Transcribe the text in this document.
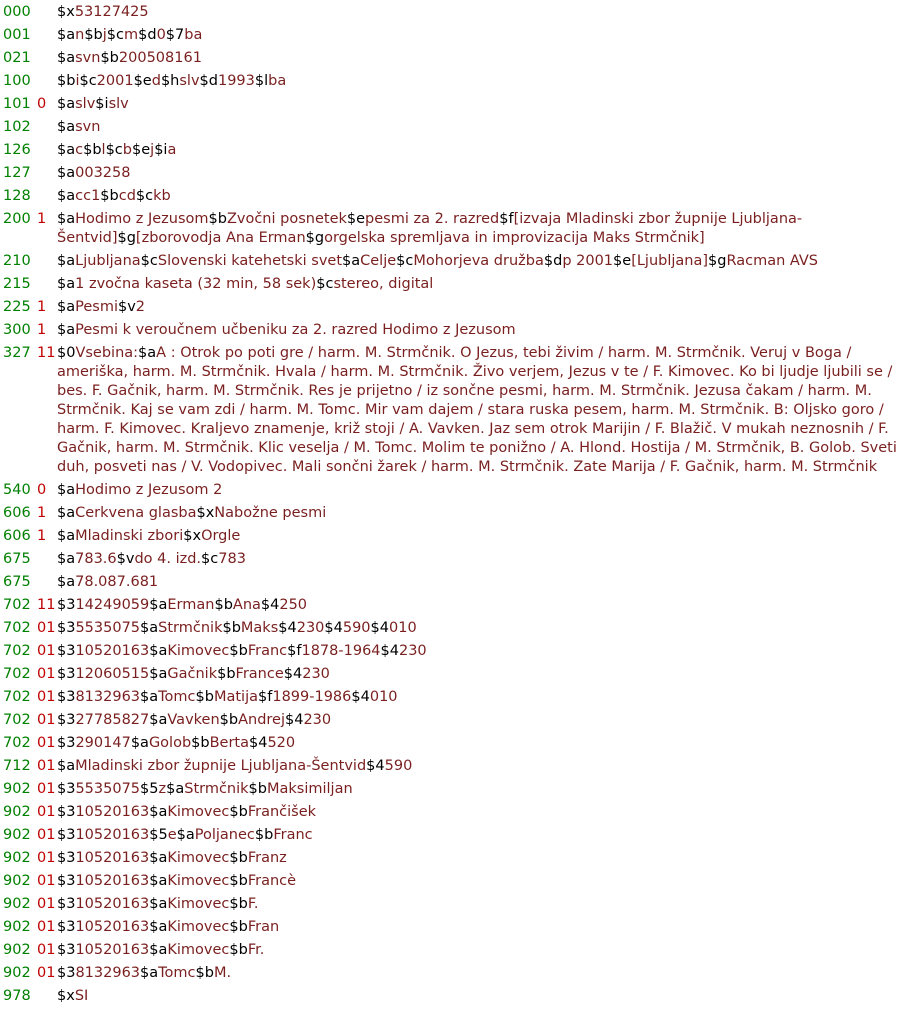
000	$x53127425
001	$an$bj$cm$d0$7ba
021	$asvn$b200508161
100	$bi$c2001$ed$hslv$d1993$lba
101 0 $aslv$islv
102	$asvn
126	$ac$bl$cb$ej$ia
127	$a003258
128	$acc1$bcd$ckb
200 1 $aHodimo z Jezusom$bZvočni posnetek$epesmi za 2. razred$f[izvaja Mladinski zbor župnije Ljubljana-Šentvid]$g[zborovodja Ana Erman$gorgelska spremljava in improvizacija Maks Strmčnik]
210	$aLjubljana$cSlovenski katehetski svet$aCelje$cMohorjeva družba$dp 2001$e[Ljubljana]$gRacman AVS
215	$a1 zvočna kaseta (32 min, 58 sek)$cstereo, digital
225 1 $aPesmi$v2
300 1 $aPesmi k veroučnem učbeniku za 2. razred Hodimo z Jezusom
327 11 $0Vsebina:$aA : Otrok po poti gre / harm. M. Strmčnik. O Jezus, tebi živim / harm. M. Strmčnik. Veruj v Boga / ameriška, harm. M. Strmčnik. Hvala / harm. M. Strmčnik. Živo verjem, Jezus v te / F. Kimovec. Ko bi ljudje ljubili se / bes. F. Gačnik, harm. M. Strmčnik. Res je prijetno / iz sončne pesmi, harm. M. Strmčnik. Jezusa čakam / harm. M. Strmčnik. Kaj se vam zdi / harm. M. Tomc. Mir vam dajem / stara ruska pesem, harm. M. Strmčnik. B: Oljsko goro / harm. F. Kimovec. Kraljevo znamenje, križ stoji / A. Vavken. Jaz sem otrok Marijin / F. Blažič. V mukah neznosnih / F. Gačnik, harm. M. Strmčnik. Klic veselja / M. Tomc. Molim te ponižno / A. Hlond. Hostija / M. Strmčnik, B. Golob. Sveti duh, posveti nas / V. Vodopivec. Mali sončni žarek / harm. M. Strmčnik. Zate Marija / F. Gačnik, harm. M. Strmčnik
540 0 $aHodimo z Jezusom 2
606 1 $aCerkvena glasba$xNabožne pesmi
606 1 $aMladinski zbori$xOrgle
675	$a783.6$vdo 4. izd.$c783
675	$a78.087.681
702 11 $314249059$aErman$bAna$4250
702 01 $35535075$aStrmčnik$bMaks$4230$4590$4010
702 01 $310520163$aKimovec$bFranc$f1878-1964$4230
702 01 $312060515$aGačnik$bFrance$4230
702 01 $38132963$aTomc$bMatija$f1899-1986$4010
702 01 $327785827$aVavken$bAndrej$4230
702 01 $3290147$aGolob$bBerta$4520
712 01 $aMladinski zbor župnije Ljubljana-Šentvid$4590
902 01 $35535075$5z$aStrmčnik$bMaksimiljan
902 01 $310520163$aKimovec$bFrančišek
902 01 $310520163$5e$aPoljanec$bFranc
902 01 $310520163$aKimovec$bFranz
902 01 $310520163$aKimovec$bFrancè
902 01 $310520163$aKimovec$bF.
902 01 $310520163$aKimovec$bFran
902 01 $310520163$aKimovec$bFr.
902 01 $38132963$aTomc$bM.
978	$xSI
